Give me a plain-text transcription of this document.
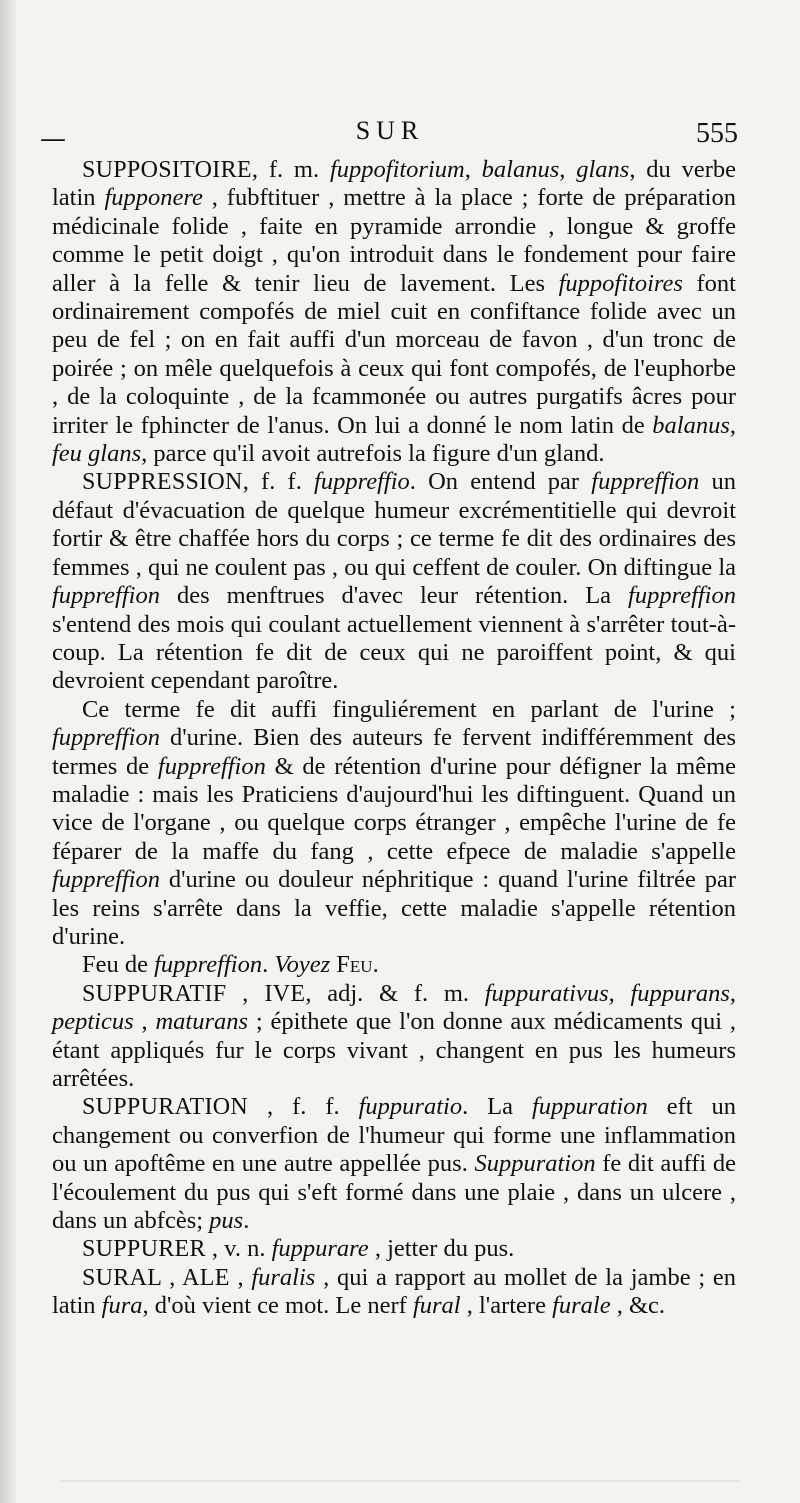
—	SUR	555

SUPPOSITOIRE, f. m. fuppofitorium, balanus, glans, du verbe latin fupponere , fubftituer , mettre à la place ; forte de préparation médicinale folide , faite en pyramide arrondie , longue & groffe comme le petit doigt , qu'on introduit dans le fondement pour faire aller à la felle & tenir lieu de lavement. Les fuppofitoires font ordinairement compofés de miel cuit en confiftance folide avec un peu de fel ; on en fait auffi d'un morceau de favon , d'un tronc de poirée ; on mêle quelquefois à ceux qui font compofés, de l'euphorbe , de la coloquinte , de la fcammonée ou autres purgatifs âcres pour irriter le fphincter de l'anus. On lui a donné le nom latin de balanus, feu glans, parce qu'il avoit autrefois la figure d'un gland.

SUPPRESSION, f. f. fuppreffio. On entend par fuppreffion un défaut d'évacuation de quelque humeur excrémentitielle qui devroit fortir & être chaffée hors du corps ; ce terme fe dit des ordinaires des femmes , qui ne coulent pas , ou qui ceffent de couler. On diftingue la fuppreffion des menftrues d'avec leur rétention. La fuppreffion s'entend des mois qui coulant actuellement viennent à s'arrêter tout-à-coup. La rétention fe dit de ceux qui ne paroiffent point, & qui devroient cependant paroître.

Ce terme fe dit auffi finguliérement en parlant de l'urine ; fuppreffion d'urine. Bien des auteurs fe fervent indifféremment des termes de fuppreffion & de rétention d'urine pour défigner la même maladie : mais les Praticiens d'aujourd'hui les diftinguent. Quand un vice de l'organe , ou quelque corps étranger , empêche l'urine de fe féparer de la maffe du fang , cette efpece de maladie s'appelle fuppreffion d'urine ou douleur néphritique : quand l'urine filtrée par les reins s'arrête dans la veffie, cette maladie s'appelle rétention d'urine.

Feu de fuppreffion. Voyez Feu.

SUPPURATIF , IVE, adj. & f. m. fuppurativus, fuppurans, pepticus , maturans ; épithete que l'on donne aux médicaments qui , étant appliqués fur le corps vivant , changent en pus les humeurs arrêtées.

SUPPURATION , f. f. fuppuratio. La fuppuration eft un changement ou converfion de l'humeur qui forme une inflammation ou un apoftême en une autre appellée pus. Suppuration fe dit auffi de l'écoulement du pus qui s'eft formé dans une plaie , dans un ulcere , dans un abfcès; pus.

SUPPURER , v. n. fuppurare , jetter du pus.

SURAL , ALE , furalis , qui a rapport au mollet de la jambe ; en latin fura, d'où vient ce mot. Le nerf fural , l'artere furale , &c.
